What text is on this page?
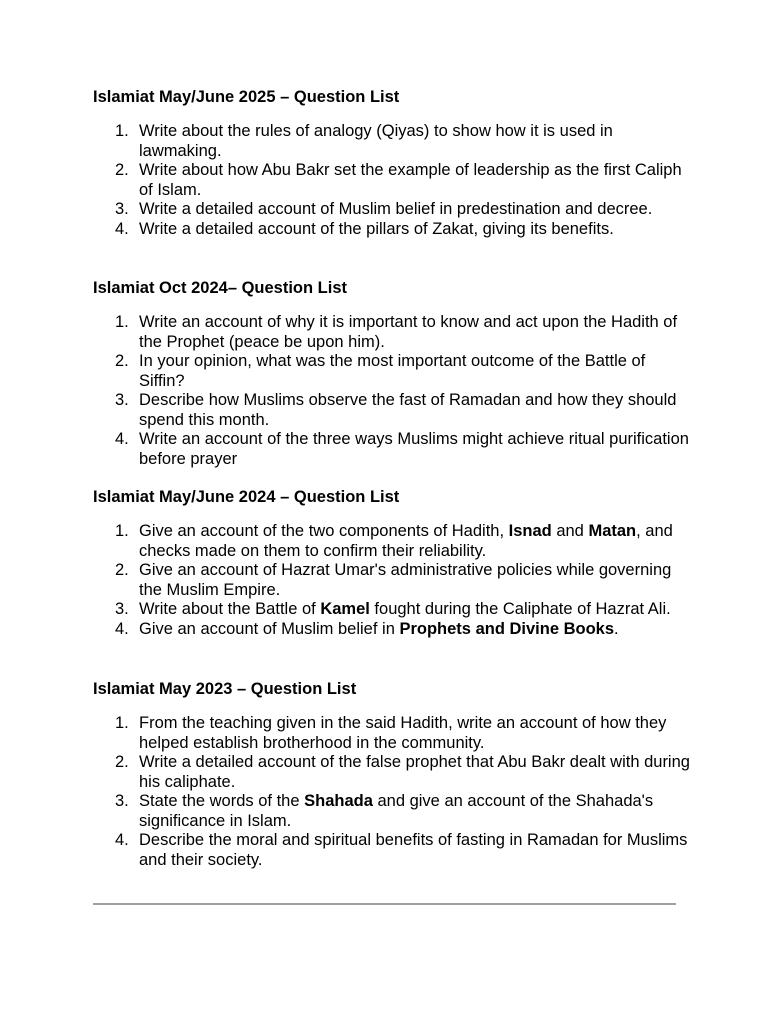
Islamiat May/June 2025 – Question List

1. Write about the rules of analogy (Qiyas) to show how it is used in lawmaking.
2. Write about how Abu Bakr set the example of leadership as the first Caliph of Islam.
3. Write a detailed account of Muslim belief in predestination and decree.
4. Write a detailed account of the pillars of Zakat, giving its benefits.

Islamiat Oct 2024– Question List

1. Write an account of why it is important to know and act upon the Hadith of the Prophet (peace be upon him).
2. In your opinion, what was the most important outcome of the Battle of Siffin?
3. Describe how Muslims observe the fast of Ramadan and how they should spend this month.
4. Write an account of the three ways Muslims might achieve ritual purification before prayer

Islamiat May/June 2024 – Question List

1. Give an account of the two components of Hadith, Isnad and Matan, and checks made on them to confirm their reliability.
2. Give an account of Hazrat Umar's administrative policies while governing the Muslim Empire.
3. Write about the Battle of Kamel fought during the Caliphate of Hazrat Ali.
4. Give an account of Muslim belief in Prophets and Divine Books.

Islamiat May 2023 – Question List

1. From the teaching given in the said Hadith, write an account of how they helped establish brotherhood in the community.
2. Write a detailed account of the false prophet that Abu Bakr dealt with during his caliphate.
3. State the words of the Shahada and give an account of the Shahada's significance in Islam.
4. Describe the moral and spiritual benefits of fasting in Ramadan for Muslims and their society.
